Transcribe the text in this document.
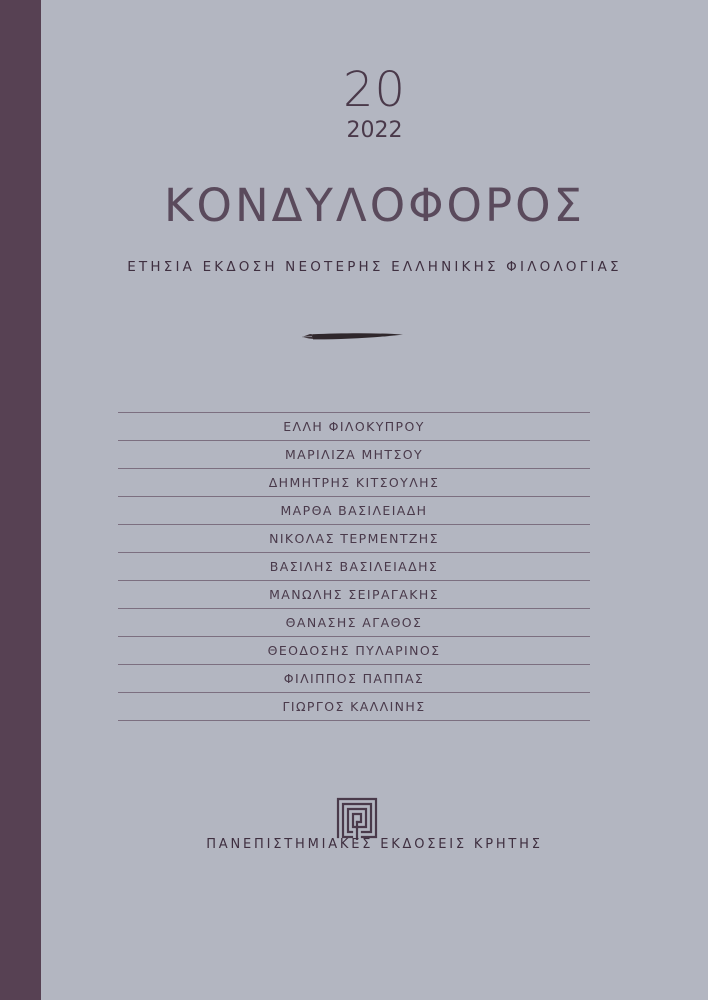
20
2022
ΚΟΝΔΥΛΟΦΟΡΟΣ
ΕΤΗΣΙΑ ΕΚΔΟΣΗ ΝΕΟΤΕΡΗΣ ΕΛΛΗΝΙΚΗΣ ΦΙΛΟΛΟΓΙΑΣ
ΕΛΛΗ ΦΙΛΟΚΥΠΡΟΥ
ΜΑΡΙΛΙΖΑ ΜΗΤΣΟΥ
ΔΗΜΗΤΡΗΣ ΚΙΤΣΟΥΛΗΣ
ΜΑΡΘΑ ΒΑΣΙΛΕΙΑΔΗ
ΝΙΚΟΛΑΣ ΤΕΡΜΕΝΤΖΗΣ
ΒΑΣΙΛΗΣ ΒΑΣΙΛΕΙΑΔΗΣ
ΜΑΝΩΛΗΣ ΣΕΙΡΑΓΑΚΗΣ
ΘΑΝΑΣΗΣ ΑΓΑΘΟΣ
ΘΕΟΔΟΣΗΣ ΠΥΛΑΡΙΝΟΣ
ΦΙΛΙΠΠΟΣ ΠΑΠΠΑΣ
ΓΙΩΡΓΟΣ ΚΑΛΛΙΝΗΣ
ΠΑΝΕΠΙΣΤΗΜΙΑΚΕΣ ΕΚΔΟΣΕΙΣ ΚΡΗΤΗΣ
